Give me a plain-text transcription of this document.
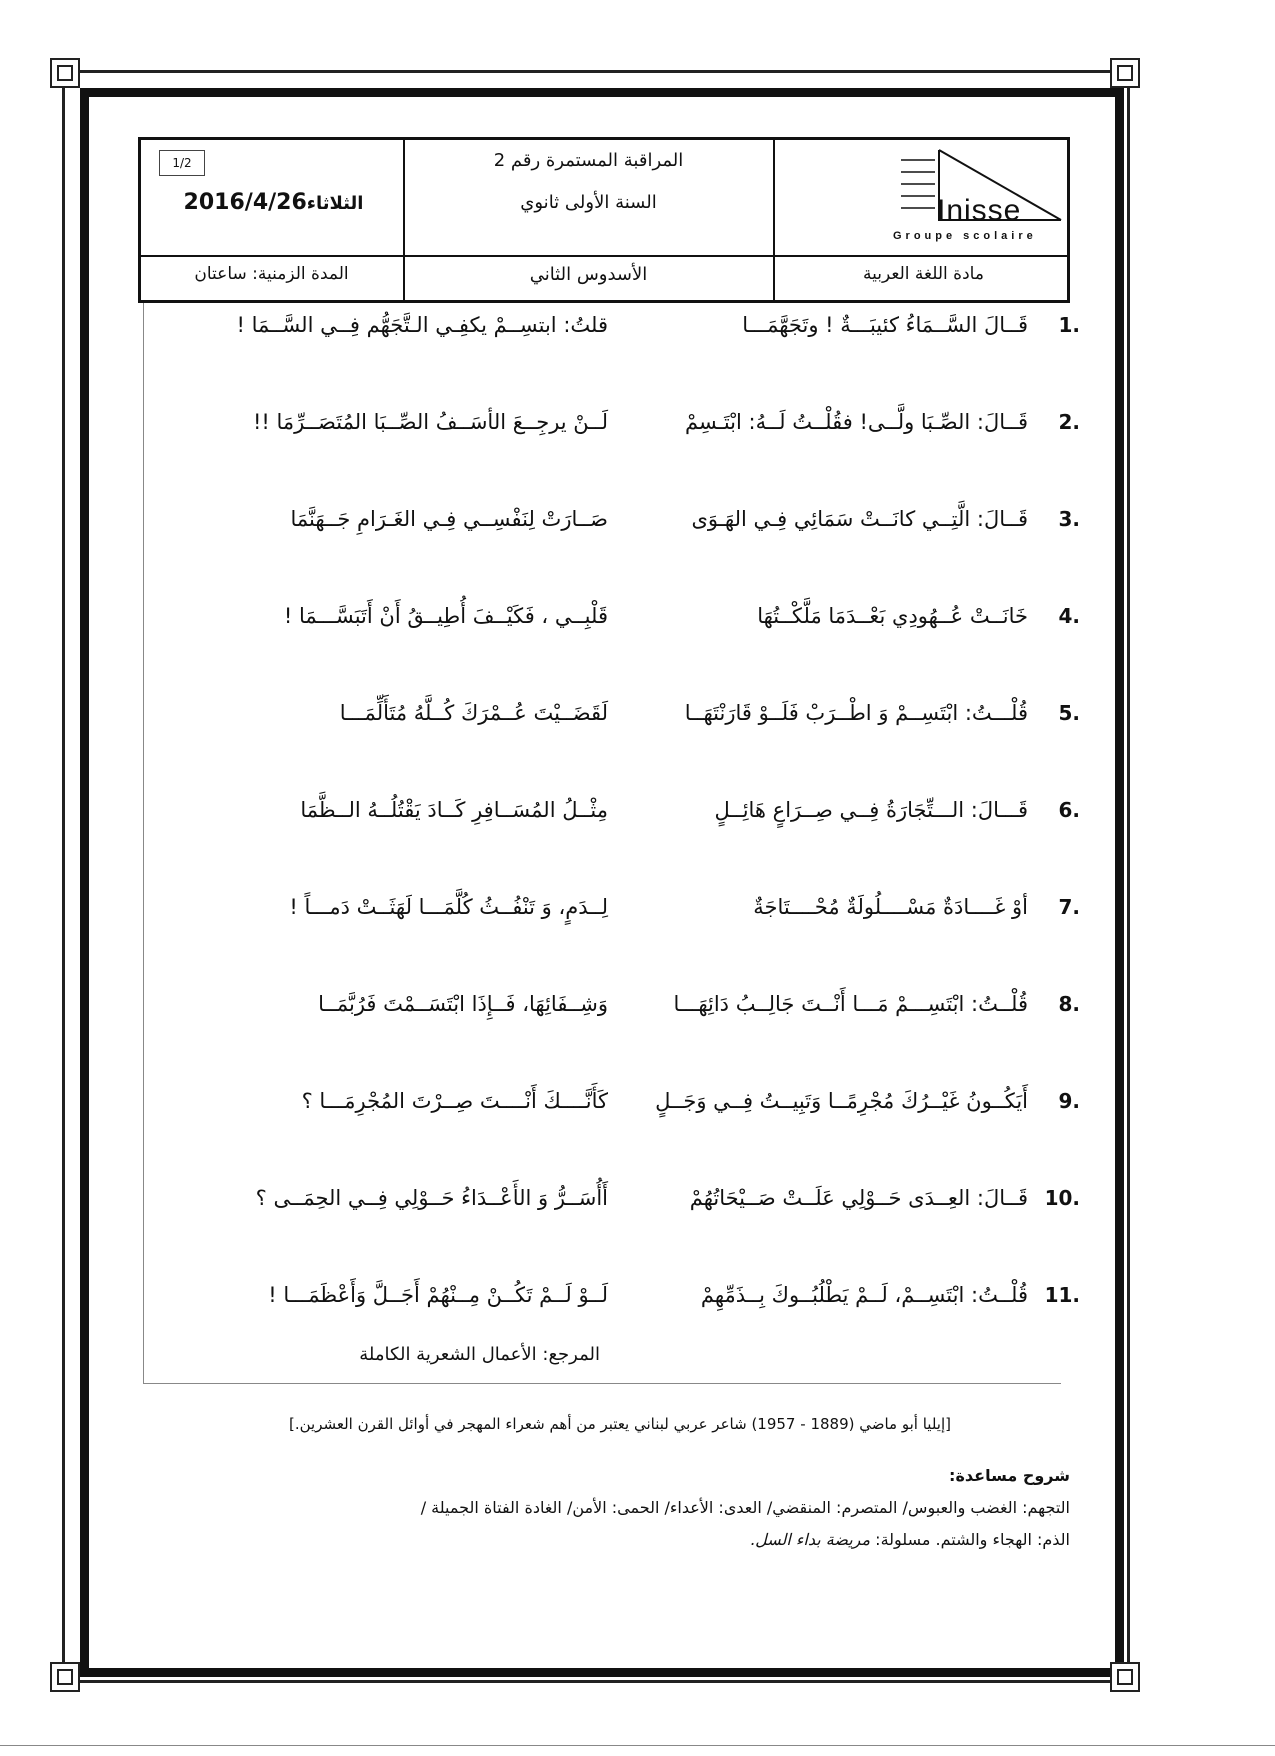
1/2
الثلاثاء2016/4/26
المدة الزمنية: ساعتان
المراقبة المستمرة رقم 2
السنة الأولى ثانوي
الأسدوس الثاني
Inisse
Groupe scolaire
مادة اللغة العربية
1.
قَــالَ السَّــمَاءُ كئيبَـــةٌ ! وتَجَهَّمَـــا
قلتُ: ابتسِــمْ يكفِـي الـتَّجَهُّم فِــي السَّــمَا !
2.
قَــالَ: الصِّـبَا ولَّــى! فقُلْــتُ لَــهُ: ابْتَـسِمْ
لَــنْ يرجِــعَ الأسَــفُ الصِّــبَا المُتَصَــرِّمَا !!
3.
قَــالَ: الَّتِــي كانَــتْ سَمَائِي فِـي الهَـوَى
صَــارَتْ لِنَفْسِــي فِـي الغَـرَامِ جَــهَنَّمَا
4.
خَانَــتْ عُــهُودِي بَعْــدَمَا مَلَّكْــتُهَا
قَلْبِــي ، فَكَيْــفَ أُطِيــقُ أَنْ أَتَبَسَّـــمَا !
5.
قُلْـــتُ: ابْتَسِــمْ وَ اطْــرَبْ فَلَــوْ قَارَنْتَهَــا
لَقَضَــيْتَ عُــمْرَكَ كُــلَّهُ مُتَأَلِّمَـــا
6.
قَـــالَ: الـــتِّجَارَةُ فِــي صِــرَاعٍ هَائِــلٍ
مِثْــلُ المُسَــافِرِ كَــادَ يَقْتُلُــهُ الــظَّمَا
7.
أوْ غَــــادَةٌ مَسْــــلُولَةٌ مُحْــــتَاجَةٌ
لِــدَمٍ، وَ تَنْفُــثُ كُلَّمَـــا لَهَثَــتْ دَمـــاً !
8.
قُلْــتُ: ابْتَسِـــمْ مَـــا أَنْــتَ جَالِــبُ دَائِهَـــا
وَشِــفَائِهَا، فَــإِذَا ابْتَسَــمْتَ فَرُبَّمَــا
9.
أَيَكُــونُ غَيْــرُكَ مُجْرِمًــا وَتَبِيــتُ فِــي وَجَــلٍ
كَأَنَّــــكَ أَنْــــتَ صِــرْتَ المُجْرِمَـــا ؟
10.
قَــالَ: العِــدَى حَــوْلِي عَلَــتْ صَــيْحَاتُهُمْ
أَأُسَــرُّ وَ الأَعْــدَاءُ حَــوْلِي فِــي الحِمَــى ؟
11.
قُلْــتُ: ابْتَسِــمْ، لَــمْ يَطْلُبُــوكَ بِــذَمِّهِمْ
لَــوْ لَــمْ تَكُــنْ مِــنْهُمْ أَجَــلَّ وَأَعْظَمَـــا !
المرجع: الأعمال الشعرية الكاملة
[إيليا أبو ماضي (1889 - 1957) شاعر عربي لبناني يعتبر من أهم شعراء المهجر في أوائل القرن العشرين.]
شروح مساعدة:
التجهم: الغضب والعبوس/ المتصرم: المنقضي/ العدى: الأعداء/ الحمى: الأمن/ الغادة الفتاة الجميلة /
الذم: الهجاء والشتم. مسلولة: مريضة بداء السل.
